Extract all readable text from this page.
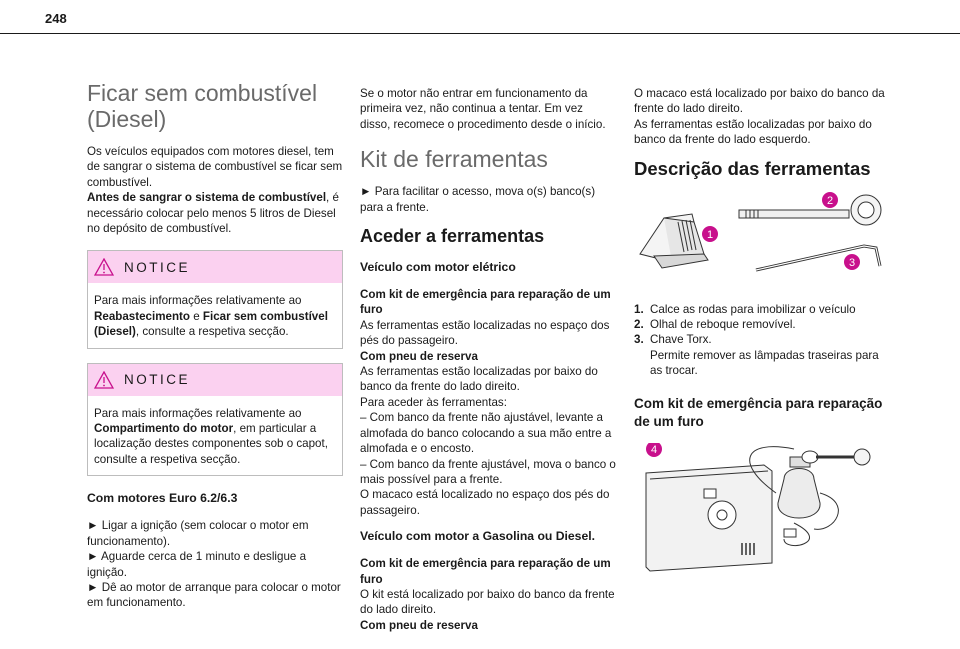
248
Ficar sem combustível (Diesel)

Os veículos equipados com motores diesel, tem de sangrar o sistema de combustível se ficar sem combustível.

Antes de sangrar o sistema de combustível, é necessário colocar pelo menos 5 litros de Diesel no depósito de combustível.

NOTICE

Para mais informações relativamente ao Reabastecimento e Ficar sem combustível (Diesel), consulte a respetiva secção.

NOTICE

Para mais informações relativamente ao Compartimento do motor, em particular a localização destes componentes sob o capot, consulte a respetiva secção.

Com motores Euro 6.2/6.3

► Ligar a ignição (sem colocar o motor em funcionamento).

► Aguarde cerca de 1 minuto e desligue a ignição.

► Dê ao motor de arranque para colocar o motor em funcionamento.

Se o motor não entrar em funcionamento da primeira vez, não continua a tentar. Em vez disso, recomece o procedimento desde o início.

Kit de ferramentas

► Para facilitar o acesso, mova o(s) banco(s) para a frente.

Aceder a ferramentas
Veículo com motor elétrico

Com kit de emergência para reparação de um furo

As ferramentas estão localizadas no espaço dos pés do passageiro.

Com pneu de reserva

As ferramentas estão localizadas por baixo do banco da frente do lado direito.

Para aceder às ferramentas:

– Com banco da frente não ajustável, levante a almofada do banco colocando a sua mão entre a almofada e o encosto.

– Com banco da frente ajustável, mova o banco o mais possível para a frente.

O macaco está localizado no espaço dos pés do passageiro.

Veículo com motor a Gasolina ou Diesel.

Com kit de emergência para reparação de um furo

O kit está localizado por baixo do banco da frente do lado direito.

Com pneu de reserva

O macaco está localizado por baixo do banco da frente do lado direito.

As ferramentas estão localizadas por baixo do banco da frente do lado esquerdo.

Descrição das ferramentas
1
2
3
1. Calce as rodas para imobilizar o veículo
2. Olhal de reboque removível.
3. Chave Torx.
Permite remover as lâmpadas traseiras para as trocar.
Com kit de emergência para reparação de um furo
4
